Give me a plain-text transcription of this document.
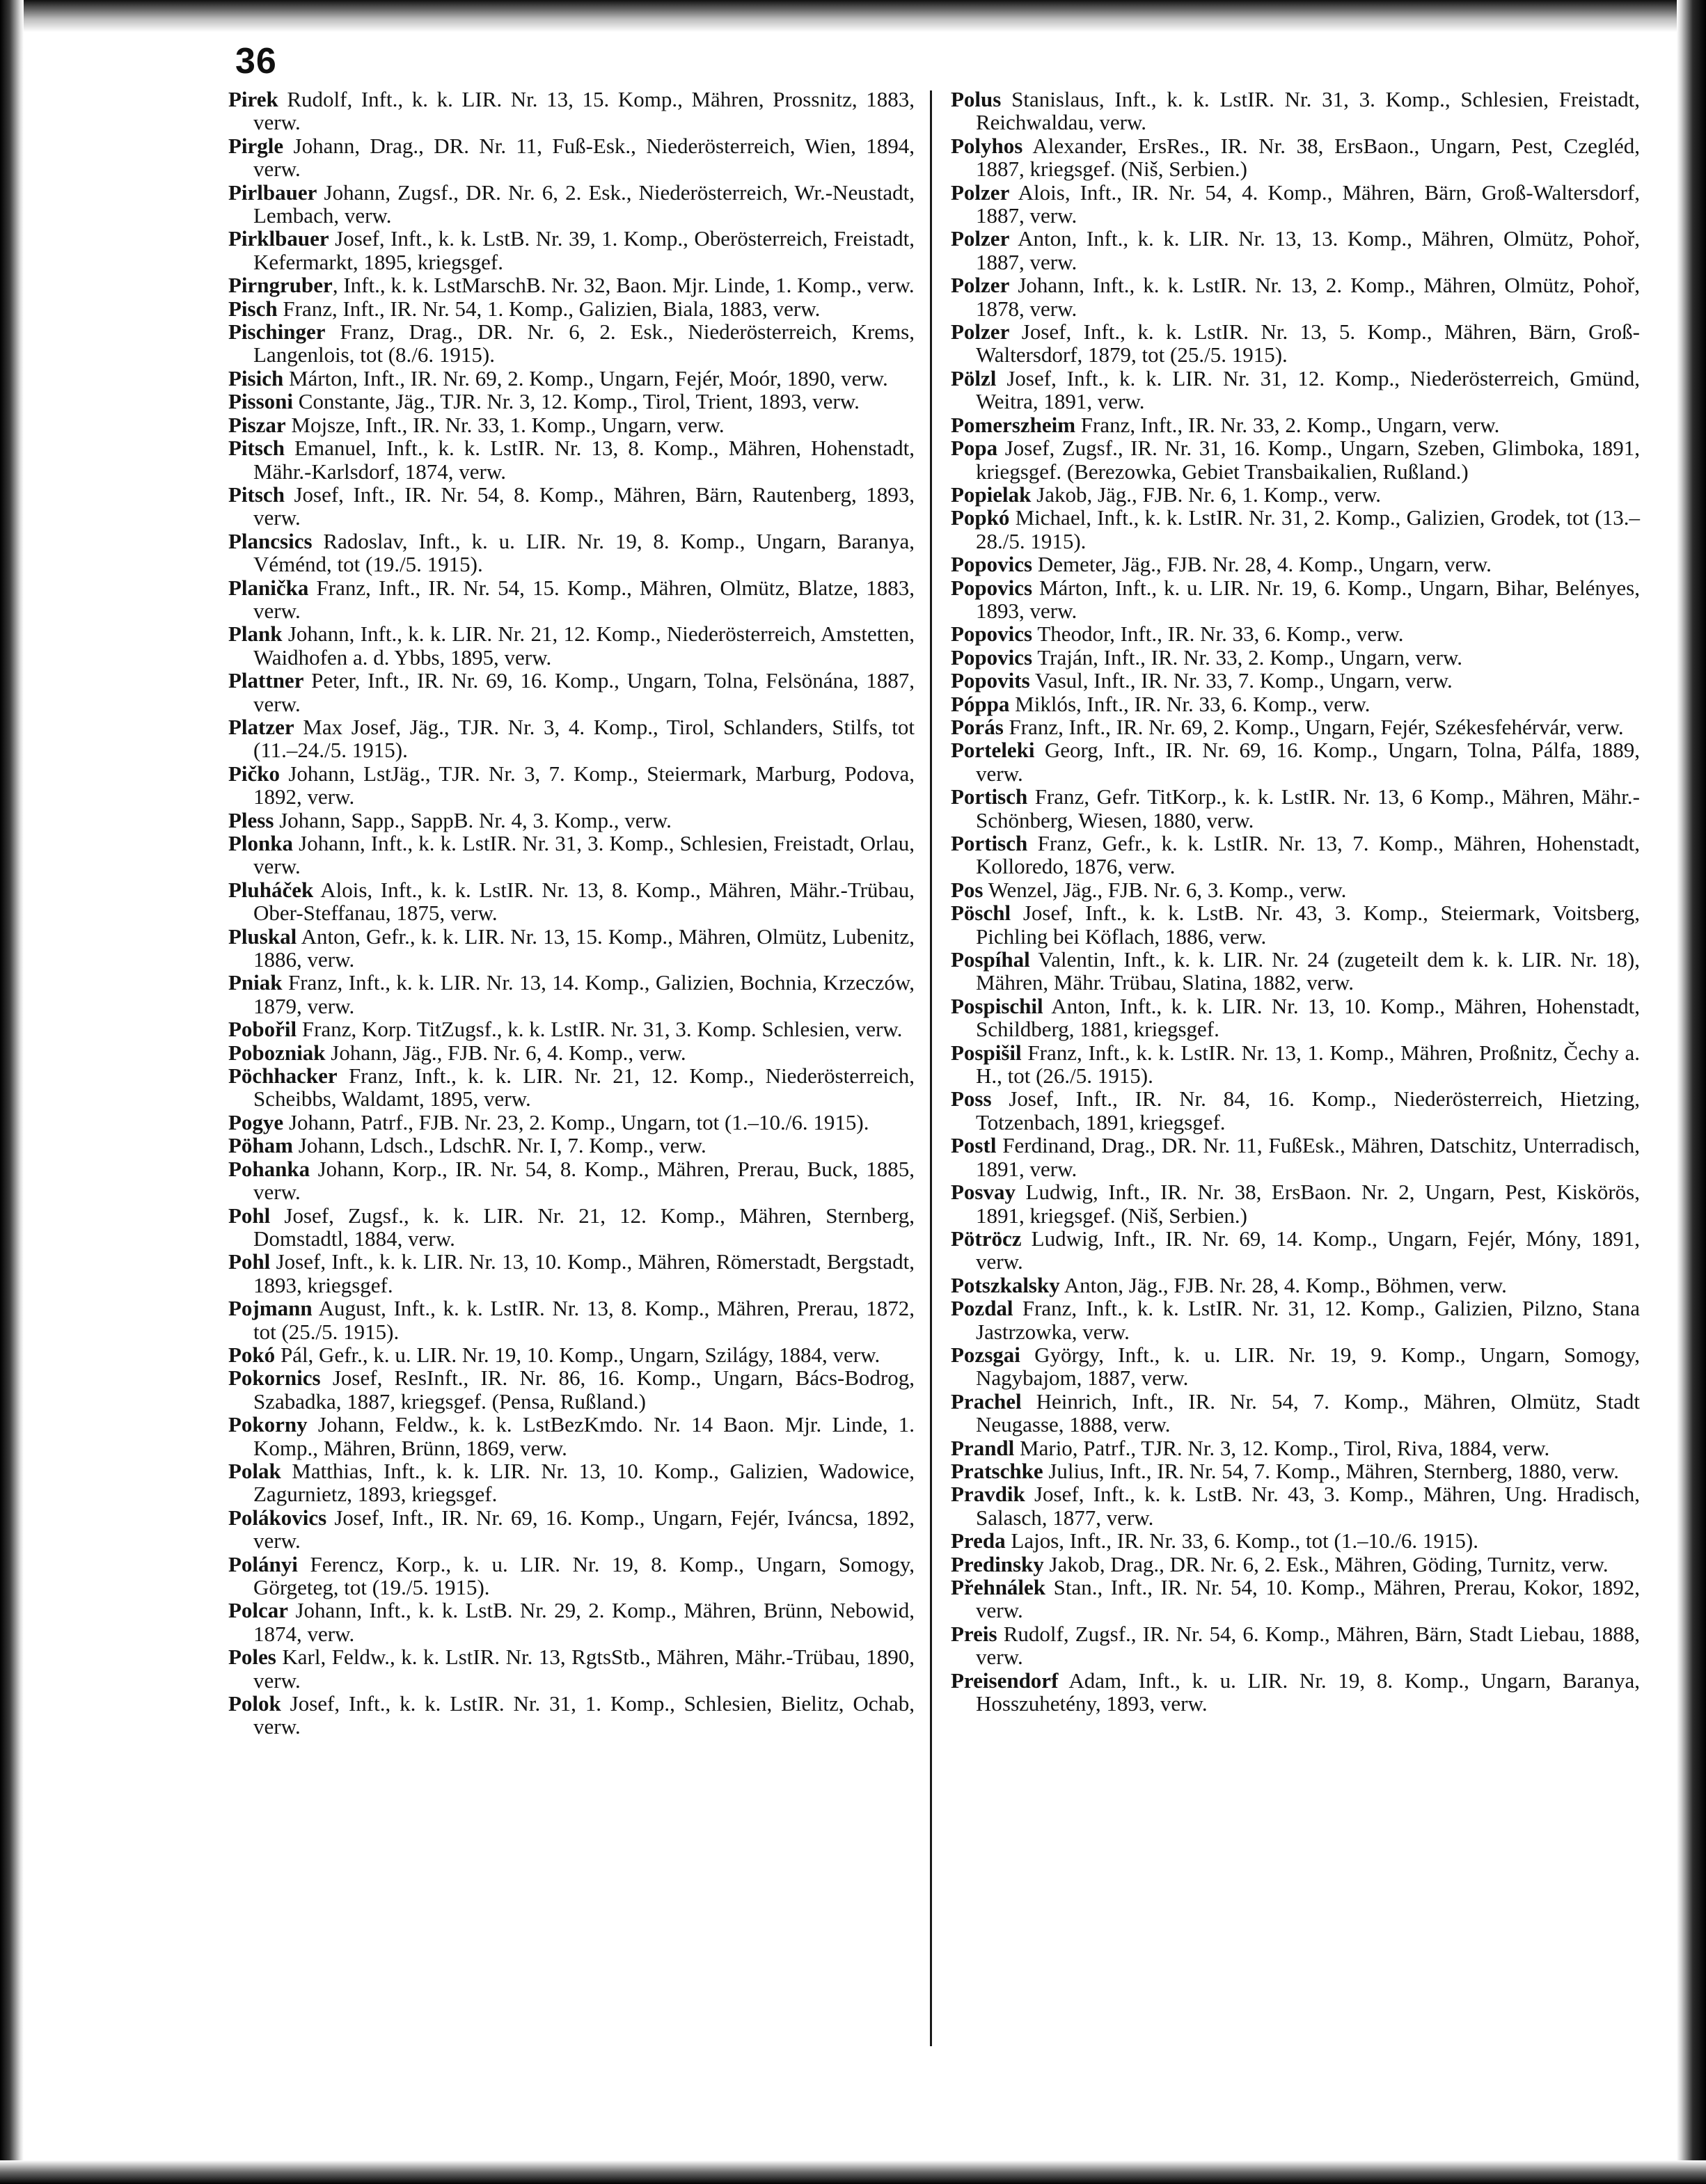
36

Pirek Rudolf, Inft., k. k. LIR. Nr. 13, 15. Komp., Mähren, Prossnitz, 1883, verw.

Pirgle Johann, Drag., DR. Nr. 11, Fuß-Esk., Niederösterreich, Wien, 1894, verw.

Pirlbauer Johann, Zugsf., DR. Nr. 6, 2. Esk., Niederösterreich, Wr.-Neustadt, Lembach, verw.

Pirklbauer Josef, Inft., k. k. LstB. Nr. 39, 1. Komp., Oberösterreich, Freistadt, Kefermarkt, 1895, kriegsgef.

Pirngruber, Inft., k. k. LstMarschB. Nr. 32, Baon. Mjr. Linde, 1. Komp., verw.

Pisch Franz, Inft., IR. Nr. 54, 1. Komp., Galizien, Biala, 1883, verw.

Pischinger Franz, Drag., DR. Nr. 6, 2. Esk., Niederösterreich, Krems, Langenlois, tot (8./6. 1915).

Pisich Márton, Inft., IR. Nr. 69, 2. Komp., Ungarn, Fejér, Moór, 1890, verw.

Pissoni Constante, Jäg., TJR. Nr. 3, 12. Komp., Tirol, Trient, 1893, verw.

Piszar Mojsze, Inft., IR. Nr. 33, 1. Komp., Ungarn, verw.

Pitsch Emanuel, Inft., k. k. LstIR. Nr. 13, 8. Komp., Mähren, Hohenstadt, Mähr.-Karlsdorf, 1874, verw.

Pitsch Josef, Inft., IR. Nr. 54, 8. Komp., Mähren, Bärn, Rautenberg, 1893, verw.

Plancsics Radoslav, Inft., k. u. LIR. Nr. 19, 8. Komp., Ungarn, Baranya, Véménd, tot (19./5. 1915).

Planička Franz, Inft., IR. Nr. 54, 15. Komp., Mähren, Olmütz, Blatze, 1883, verw.

Plank Johann, Inft., k. k. LIR. Nr. 21, 12. Komp., Niederösterreich, Amstetten, Waidhofen a. d. Ybbs, 1895, verw.

Plattner Peter, Inft., IR. Nr. 69, 16. Komp., Ungarn, Tolna, Felsönána, 1887, verw.

Platzer Max Josef, Jäg., TJR. Nr. 3, 4. Komp., Tirol, Schlanders, Stilfs, tot (11.–24./5. 1915).

Pičko Johann, LstJäg., TJR. Nr. 3, 7. Komp., Steiermark, Marburg, Podova, 1892, verw.

Pless Johann, Sapp., SappB. Nr. 4, 3. Komp., verw.

Plonka Johann, Inft., k. k. LstIR. Nr. 31, 3. Komp., Schlesien, Freistadt, Orlau, verw.

Pluháček Alois, Inft., k. k. LstIR. Nr. 13, 8. Komp., Mähren, Mähr.-Trübau, Ober-Steffanau, 1875, verw.

Pluskal Anton, Gefr., k. k. LIR. Nr. 13, 15. Komp., Mähren, Olmütz, Lubenitz, 1886, verw.

Pniak Franz, Inft., k. k. LIR. Nr. 13, 14. Komp., Galizien, Bochnia, Krzeczów, 1879, verw.

Pobořil Franz, Korp. TitZugsf., k. k. LstIR. Nr. 31, 3. Komp. Schlesien, verw.

Pobozniak Johann, Jäg., FJB. Nr. 6, 4. Komp., verw.

Pöchhacker Franz, Inft., k. k. LIR. Nr. 21, 12. Komp., Niederösterreich, Scheibbs, Waldamt, 1895, verw.

Pogye Johann, Patrf., FJB. Nr. 23, 2. Komp., Ungarn, tot (1.–10./6. 1915).

Pöham Johann, Ldsch., LdschR. Nr. I, 7. Komp., verw.

Pohanka Johann, Korp., IR. Nr. 54, 8. Komp., Mähren, Prerau, Buck, 1885, verw.

Pohl Josef, Zugsf., k. k. LIR. Nr. 21, 12. Komp., Mähren, Sternberg, Domstadtl, 1884, verw.

Pohl Josef, Inft., k. k. LIR. Nr. 13, 10. Komp., Mähren, Römerstadt, Bergstadt, 1893, kriegsgef.

Pojmann August, Inft., k. k. LstIR. Nr. 13, 8. Komp., Mähren, Prerau, 1872, tot (25./5. 1915).

Pokó Pál, Gefr., k. u. LIR. Nr. 19, 10. Komp., Ungarn, Szilágy, 1884, verw.

Pokornics Josef, ResInft., IR. Nr. 86, 16. Komp., Ungarn, Bács-Bodrog, Szabadka, 1887, kriegsgef. (Pensa, Rußland.)

Pokorny Johann, Feldw., k. k. LstBezKmdo. Nr. 14 Baon. Mjr. Linde, 1. Komp., Mähren, Brünn, 1869, verw.

Polak Matthias, Inft., k. k. LIR. Nr. 13, 10. Komp., Galizien, Wadowice, Zagurnietz, 1893, kriegsgef.

Polákovics Josef, Inft., IR. Nr. 69, 16. Komp., Ungarn, Fejér, Iváncsa, 1892, verw.

Polányi Ferencz, Korp., k. u. LIR. Nr. 19, 8. Komp., Ungarn, Somogy, Görgeteg, tot (19./5. 1915).

Polcar Johann, Inft., k. k. LstB. Nr. 29, 2. Komp., Mähren, Brünn, Nebowid, 1874, verw.

Poles Karl, Feldw., k. k. LstIR. Nr. 13, RgtsStb., Mähren, Mähr.-Trübau, 1890, verw.

Polok Josef, Inft., k. k. LstIR. Nr. 31, 1. Komp., Schlesien, Bielitz, Ochab, verw.

Polus Stanislaus, Inft., k. k. LstIR. Nr. 31, 3. Komp., Schlesien, Freistadt, Reichwaldau, verw.

Polyhos Alexander, ErsRes., IR. Nr. 38, ErsBaon., Ungarn, Pest, Czegléd, 1887, kriegsgef. (Niš, Serbien.)

Polzer Alois, Inft., IR. Nr. 54, 4. Komp., Mähren, Bärn, Groß-Waltersdorf, 1887, verw.

Polzer Anton, Inft., k. k. LIR. Nr. 13, 13. Komp., Mähren, Olmütz, Pohoř, 1887, verw.

Polzer Johann, Inft., k. k. LstIR. Nr. 13, 2. Komp., Mähren, Olmütz, Pohoř, 1878, verw.

Polzer Josef, Inft., k. k. LstIR. Nr. 13, 5. Komp., Mähren, Bärn, Groß-Waltersdorf, 1879, tot (25./5. 1915).

Pölzl Josef, Inft., k. k. LIR. Nr. 31, 12. Komp., Niederösterreich, Gmünd, Weitra, 1891, verw.

Pomerszheim Franz, Inft., IR. Nr. 33, 2. Komp., Ungarn, verw.

Popa Josef, Zugsf., IR. Nr. 31, 16. Komp., Ungarn, Szeben, Glimboka, 1891, kriegsgef. (Berezowka, Gebiet Transbaikalien, Rußland.)

Popielak Jakob, Jäg., FJB. Nr. 6, 1. Komp., verw.

Popkó Michael, Inft., k. k. LstIR. Nr. 31, 2. Komp., Galizien, Grodek, tot (13.–28./5. 1915).

Popovics Demeter, Jäg., FJB. Nr. 28, 4. Komp., Ungarn, verw.

Popovics Márton, Inft., k. u. LIR. Nr. 19, 6. Komp., Ungarn, Bihar, Belényes, 1893, verw.

Popovics Theodor, Inft., IR. Nr. 33, 6. Komp., verw.

Popovics Traján, Inft., IR. Nr. 33, 2. Komp., Ungarn, verw.

Popovits Vasul, Inft., IR. Nr. 33, 7. Komp., Ungarn, verw.

Póppa Miklós, Inft., IR. Nr. 33, 6. Komp., verw.

Porás Franz, Inft., IR. Nr. 69, 2. Komp., Ungarn, Fejér, Székesfehérvár, verw.

Porteleki Georg, Inft., IR. Nr. 69, 16. Komp., Ungarn, Tolna, Pálfa, 1889, verw.

Portisch Franz, Gefr. TitKorp., k. k. LstIR. Nr. 13, 6 Komp., Mähren, Mähr.-Schönberg, Wiesen, 1880, verw.

Portisch Franz, Gefr., k. k. LstIR. Nr. 13, 7. Komp., Mähren, Hohenstadt, Kolloredo, 1876, verw.

Pos Wenzel, Jäg., FJB. Nr. 6, 3. Komp., verw.

Pöschl Josef, Inft., k. k. LstB. Nr. 43, 3. Komp., Steiermark, Voitsberg, Pichling bei Köflach, 1886, verw.

Pospíhal Valentin, Inft., k. k. LIR. Nr. 24 (zugeteilt dem k. k. LIR. Nr. 18), Mähren, Mähr. Trübau, Slatina, 1882, verw.

Pospischil Anton, Inft., k. k. LIR. Nr. 13, 10. Komp., Mähren, Hohenstadt, Schildberg, 1881, kriegsgef.

Pospišil Franz, Inft., k. k. LstIR. Nr. 13, 1. Komp., Mähren, Proßnitz, Čechy a. H., tot (26./5. 1915).

Poss Josef, Inft., IR. Nr. 84, 16. Komp., Niederösterreich, Hietzing, Totzenbach, 1891, kriegsgef.

Postl Ferdinand, Drag., DR. Nr. 11, FußEsk., Mähren, Datschitz, Unterradisch, 1891, verw.

Posvay Ludwig, Inft., IR. Nr. 38, ErsBaon. Nr. 2, Ungarn, Pest, Kiskörös, 1891, kriegsgef. (Niš, Serbien.)

Pötröcz Ludwig, Inft., IR. Nr. 69, 14. Komp., Ungarn, Fejér, Móny, 1891, verw.

Potszkalsky Anton, Jäg., FJB. Nr. 28, 4. Komp., Böhmen, verw.

Pozdal Franz, Inft., k. k. LstIR. Nr. 31, 12. Komp., Galizien, Pilzno, Stana Jastrzowka, verw.

Pozsgai György, Inft., k. u. LIR. Nr. 19, 9. Komp., Ungarn, Somogy, Nagybajom, 1887, verw.

Prachel Heinrich, Inft., IR. Nr. 54, 7. Komp., Mähren, Olmütz, Stadt Neugasse, 1888, verw.

Prandl Mario, Patrf., TJR. Nr. 3, 12. Komp., Tirol, Riva, 1884, verw.

Pratschke Julius, Inft., IR. Nr. 54, 7. Komp., Mähren, Sternberg, 1880, verw.

Pravdik Josef, Inft., k. k. LstB. Nr. 43, 3. Komp., Mähren, Ung. Hradisch, Salasch, 1877, verw.

Preda Lajos, Inft., IR. Nr. 33, 6. Komp., tot (1.–10./6. 1915).

Predinsky Jakob, Drag., DR. Nr. 6, 2. Esk., Mähren, Göding, Turnitz, verw.

Přehnálek Stan., Inft., IR. Nr. 54, 10. Komp., Mähren, Prerau, Kokor, 1892, verw.

Preis Rudolf, Zugsf., IR. Nr. 54, 6. Komp., Mähren, Bärn, Stadt Liebau, 1888, verw.

Preisendorf Adam, Inft., k. u. LIR. Nr. 19, 8. Komp., Ungarn, Baranya, Hosszuhetény, 1893, verw.
